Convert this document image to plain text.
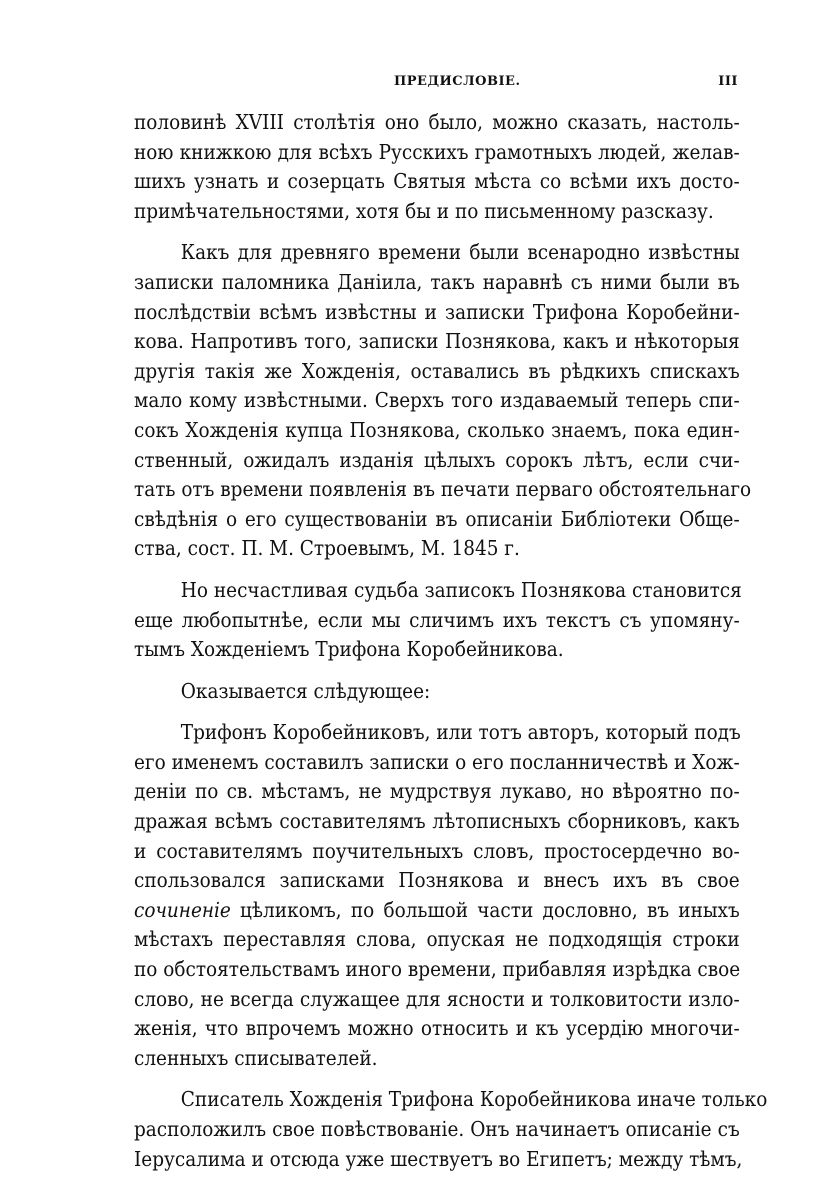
ПРЕДИСЛОВІЕ.	III

половинѣ XVIII столѣтія оно было, можно сказать, настоль-
ною книжкою для всѣхъ Русскихъ грамотныхъ людей, желав-
шихъ узнать и созерцать Святыя мѣста со всѣми ихъ досто-
примѣчательностями, хотя бы и по письменному разсказу.

Какъ для древняго времени были всенародно извѣстны
записки паломника Даніила, такъ наравнѣ съ ними были въ
послѣдствіи всѣмъ извѣстны и записки Трифона Коробейни-
кова. Напротивъ того, записки Познякова, какъ и нѣкоторыя
другія такія же Хожденія, оставались въ рѣдкихъ спискахъ
мало кому извѣстными. Сверхъ того издаваемый теперь спи-
сокъ Хожденія купца Познякова, сколько знаемъ, пока един-
ственный, ожидалъ изданія цѣлыхъ сорокъ лѣтъ, если счи-
тать отъ времени появленія въ печати перваго обстоятельнаго
свѣдѣнія о его существованіи въ описаніи Библіотеки Обще-
ства, сост. П. М. Строевымъ, М. 1845 г.

Но несчастливая судьба записокъ Познякова становится
еще любопытнѣе, если мы сличимъ ихъ текстъ съ упомяну-
тымъ Хожденіемъ Трифона Коробейникова.

Оказывается слѣдующее:

Трифонъ Коробейниковъ, или тотъ авторъ, который подъ
его именемъ составилъ записки о его посланничествѣ и Хож-
деніи по св. мѣстамъ, не мудрствуя лукаво, но вѣроятно по-
дражая всѣмъ составителямъ лѣтописныхъ сборниковъ, какъ
и составителямъ поучительныхъ словъ, простосердечно во-
спользовался записками Познякова и внесъ ихъ въ свое
сочиненіе цѣликомъ, по большой части дословно, въ иныхъ
мѣстахъ переставляя слова, опуская не подходящія строки
по обстоятельствамъ иного времени, прибавляя изрѣдка свое
слово, не всегда служащее для ясности и толковитости изло-
женія, что впрочемъ можно относить и къ усердію многочи-
сленныхъ списывателей.

Списатель Хожденія Трифона Коробейникова иначе только
расположилъ свое повѣствованіе. Онъ начинаетъ описаніе съ
Іерусалима и отсюда уже шествуетъ во Египетъ; между тѣмъ,
